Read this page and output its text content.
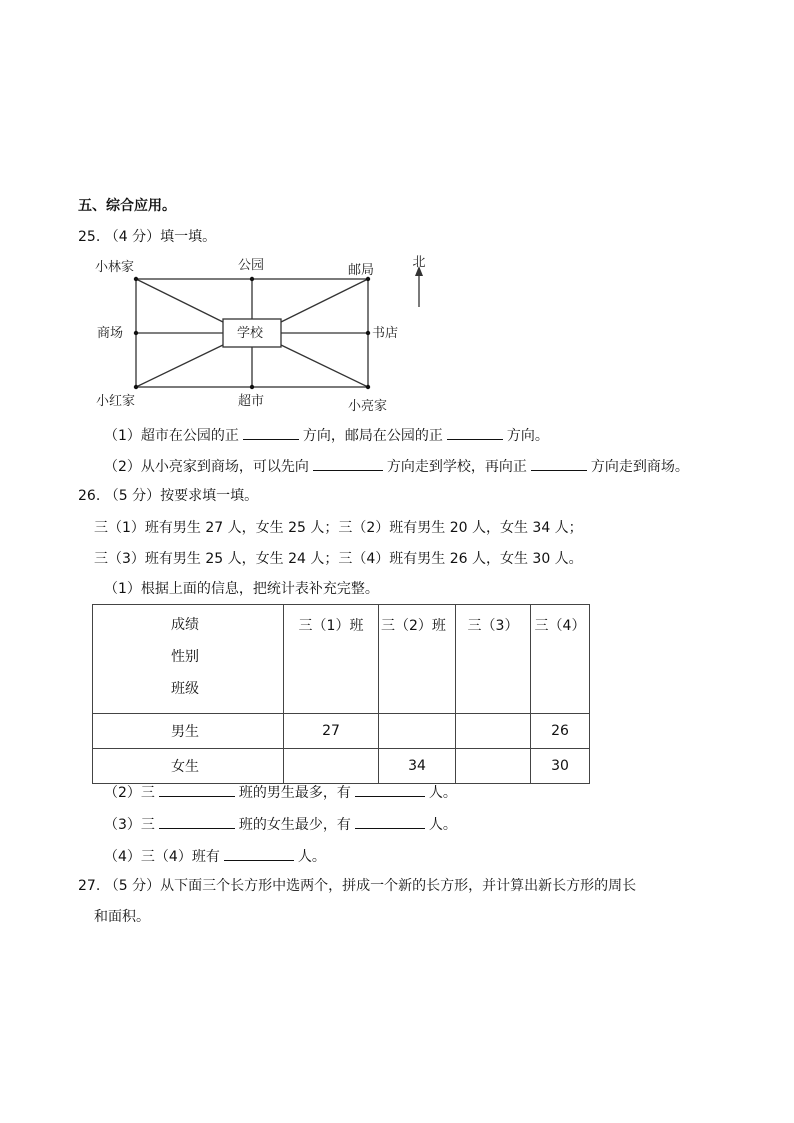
五、综合应用。
25. （4 分）填一填。
北
小林家	公园	邮局
商场	学校	书店
小红家	超市	小亮家
（1）超市在公园的正	方向，邮局在公园的正	方向。
（2）从小亮家到商场，可以先向	方向走到学校，再向正	方向走到商场。
26. （5 分）按要求填一填。
三（1）班有男生 27 人，女生 25 人；三（2）班有男生 20 人，女生 34 人；
三（3）班有男生 25 人，女生 24 人；三（4）班有男生 26 人，女生 30 人。
（1）根据上面的信息，把统计表补充完整。
成绩
性别
班级	三（1）班	三（2）班	三（3）	三（4）
男生	27			26
女生		34		30
（2）三	班的男生最多，有	人。
（3）三	班的女生最少，有	人。
（4）三（4）班有	人。
27. （5 分）从下面三个长方形中选两个，拼成一个新的长方形，并计算出新长方形的周长
和面积。
